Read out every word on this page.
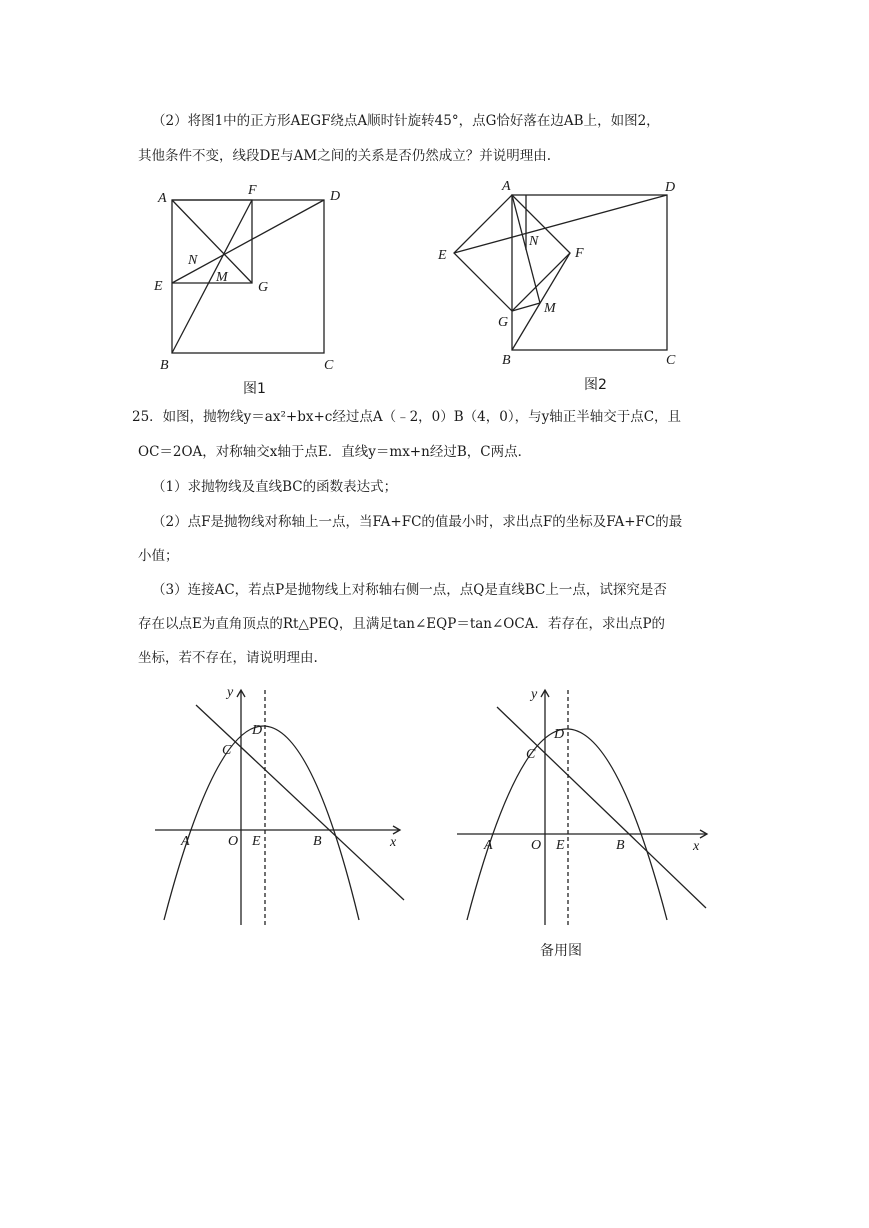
（2）将图1中的正方形AEGF绕点A顺时针旋转45°，点G恰好落在边AB上，如图2，
其他条件不变，线段DE与AM之间的关系是否仍然成立？并说明理由.
A
F	D
N
M
E	G
B	C
图1
A	D
N
F
E
M
G
B	C
图2
25．如图，抛物线y＝ax²+bx+c经过点A（﹣2，0）B（4，0），与y轴正半轴交于点C，且
OC＝2OA，对称轴交x轴于点E．直线y＝mx+n经过B，C两点．
（1）求抛物线及直线BC的函数表达式；
（2）点F是抛物线对称轴上一点，当FA+FC的值最小时，求出点F的坐标及FA+FC的最
小值；
（3）连接AC，若点P是抛物线上对称轴右侧一点，点Q是直线BC上一点，试探究是否
存在以点E为直角顶点的Rt△PEQ，且满足tan∠EQP＝tan∠OCA．若存在，求出点P的
坐标，若不存在，请说明理由.
y
x
D
C
A	O E	B
y
x
D
C
A	O E	B
备用图
